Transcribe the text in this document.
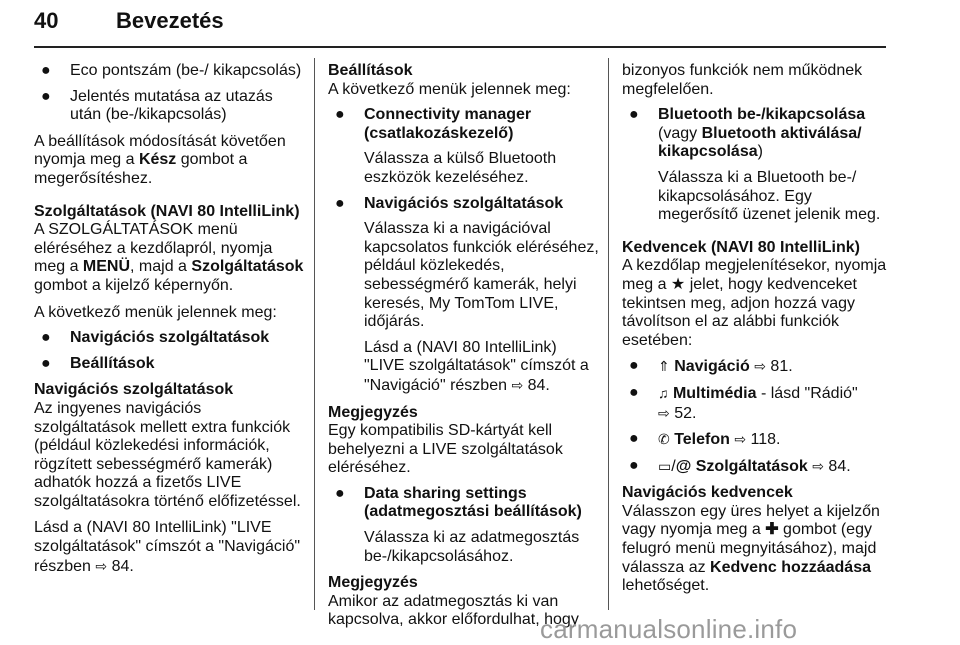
40	Bevezetés
● Eco pontszám (be-/ kikapcsolás)
● Jelentés mutatása az utazás után (be-/kikapcsolás)

A beállítások módosítását követően nyomja meg a Kész gombot a megerősítéshez.

Szolgáltatások (NAVI 80 IntelliLink)

A SZOLGÁLTATÁSOK menü eléréséhez a kezdőlapról, nyomja meg a MENÜ, majd a Szolgáltatások gombot a kijelző képernyőn.

A következő menük jelennek meg:

● Navigációs szolgáltatások
● Beállítások

Navigációs szolgáltatások

Az ingyenes navigációs szolgáltatások mellett extra funkciók (például közlekedési információk, rögzített sebességmérő kamerák) adhatók hozzá a fizetős LIVE szolgáltatásokra történő előfizetéssel.

Lásd a (NAVI 80 IntelliLink) "LIVE szolgáltatások" címszót a "Navigáció" részben ⇨ 84.

Beállítások

A következő menük jelennek meg:

● Connectivity manager (csatlakozáskezelő)

Válassza a külső Bluetooth eszközök kezeléséhez.

● Navigációs szolgáltatások

Válassza ki a navigációval kapcsolatos funkciók eléréséhez, például közlekedés, sebességmérő kamerák, helyi keresés, My TomTom LIVE, időjárás.

Lásd a (NAVI 80 IntelliLink) "LIVE szolgáltatások" címszót a "Navigáció" részben ⇨ 84.

Megjegyzés

Egy kompatibilis SD-kártyát kell behelyezni a LIVE szolgáltatások eléréséhez.

● Data sharing settings (adatmegosztási beállítások)

Válassza ki az adatmegosztás be-/kikapcsolásához.

Megjegyzés

Amikor az adatmegosztás ki van kapcsolva, akkor előfordulhat, hogy

bizonyos funkciók nem működnek megfelelően.

● Bluetooth be-/kikapcsolása
(vagy Bluetooth aktiválása/ kikapcsolása)

Válassza ki a Bluetooth be-/ kikapcsolásához. Egy megerősítő üzenet jelenik meg.

Kedvencek (NAVI 80 IntelliLink)

A kezdőlap megjelenítésekor, nyomja meg a ★ jelet, hogy kedvenceket tekintsen meg, adjon hozzá vagy távolítson el az alábbi funkciók esetében:

● ⇑ Navigáció ⇨ 81.
● ♫ Multimédia - lásd "Rádió"
⇨ 52.
● ✆ Telefon ⇨ 118.
● ▭/@ Szolgáltatások ⇨ 84.

Navigációs kedvencek

Válasszon egy üres helyet a kijelzőn vagy nyomja meg a ✚ gombot (egy felugró menü megnyitásához), majd válassza az Kedvenc hozzáadása lehetőséget.

carmanualsonline.info
